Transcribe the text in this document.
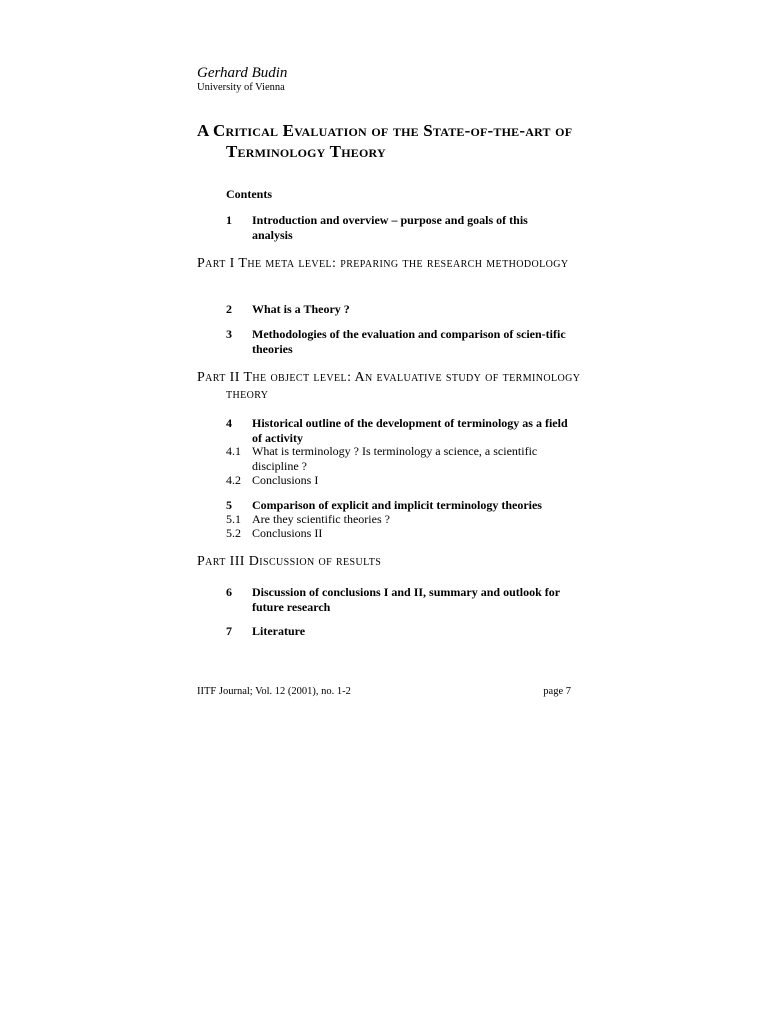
Gerhard Budin
University of Vienna
A Critical Evaluation of the State-of-the-art of Terminology Theory
Contents
1 Introduction and overview – purpose and goals of this analysis
Part I The meta level: preparing the research methodology
2 What is a Theory ?
3 Methodologies of the evaluation and comparison of scien-tific theories
Part II The object level: An evaluative study of terminology theory
4 Historical outline of the development of terminology as a field of activity
4.1 What is terminology ? Is terminology a science, a scientific discipline ?
4.2 Conclusions I
5 Comparison of explicit and implicit terminology theories
5.1 Are they scientific theories ?
5.2 Conclusions II
Part III Discussion of results
6 Discussion of conclusions I and II, summary and outlook for future research
7 Literature
IITF Journal; Vol. 12 (2001), no. 1-2	page 7
